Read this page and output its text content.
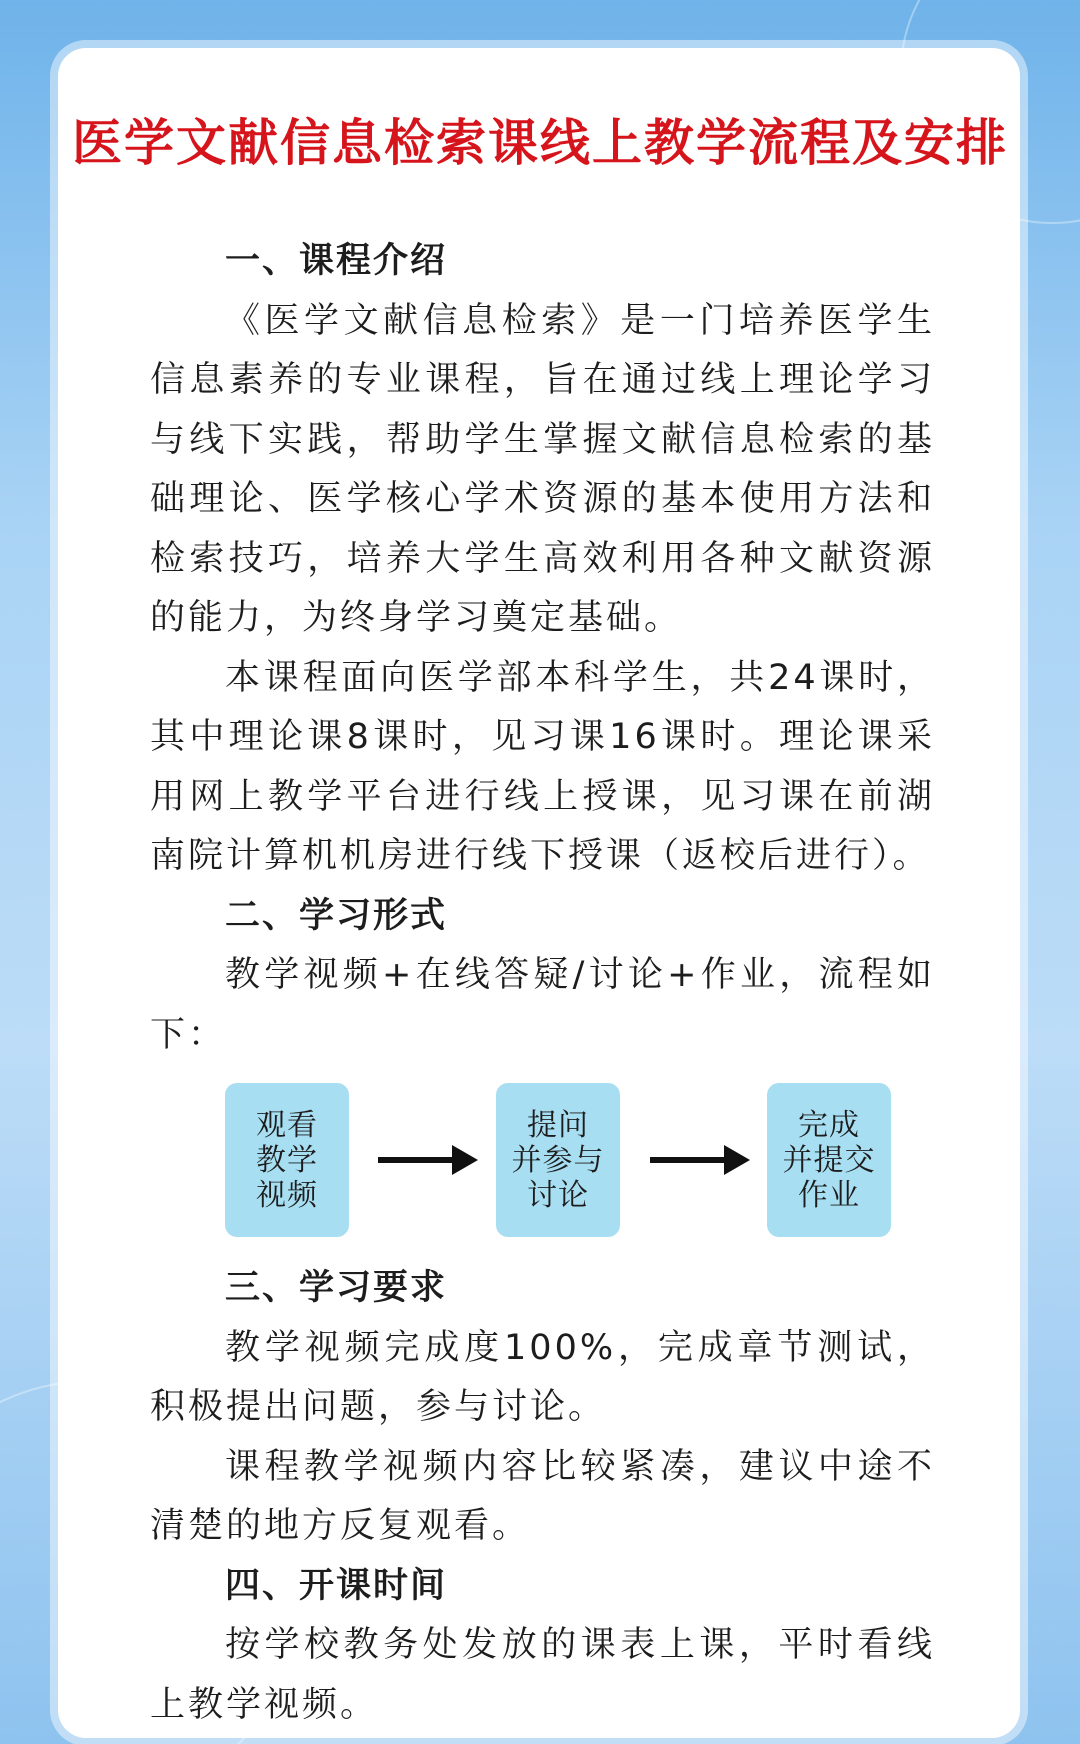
医学文献信息检索课线上教学流程及安排
一、课程介绍
《医学文献信息检索》是一门培养医学生信息素养的专业课程，旨在通过线上理论学习与线下实践，帮助学生掌握文献信息检索的基础理论、医学核心学术资源的基本使用方法和检索技巧，培养大学生高效利用各种文献资源的能力，为终身学习奠定基础。
本课程面向医学部本科学生，共24课时，其中理论课8课时，见习课16课时。理论课采用网上教学平台进行线上授课，见习课在前湖南院计算机机房进行线下授课（返校后进行）。
二、学习形式
教学视频+在线答疑/讨论+作业，流程如下：
观看
教学
视频
提问
并参与
讨论
完成
并提交
作业
三、学习要求
教学视频完成度100%，完成章节测试，积极提出问题，参与讨论。
课程教学视频内容比较紧凑，建议中途不清楚的地方反复观看。
四、开课时间
按学校教务处发放的课表上课，平时看线上教学视频。
